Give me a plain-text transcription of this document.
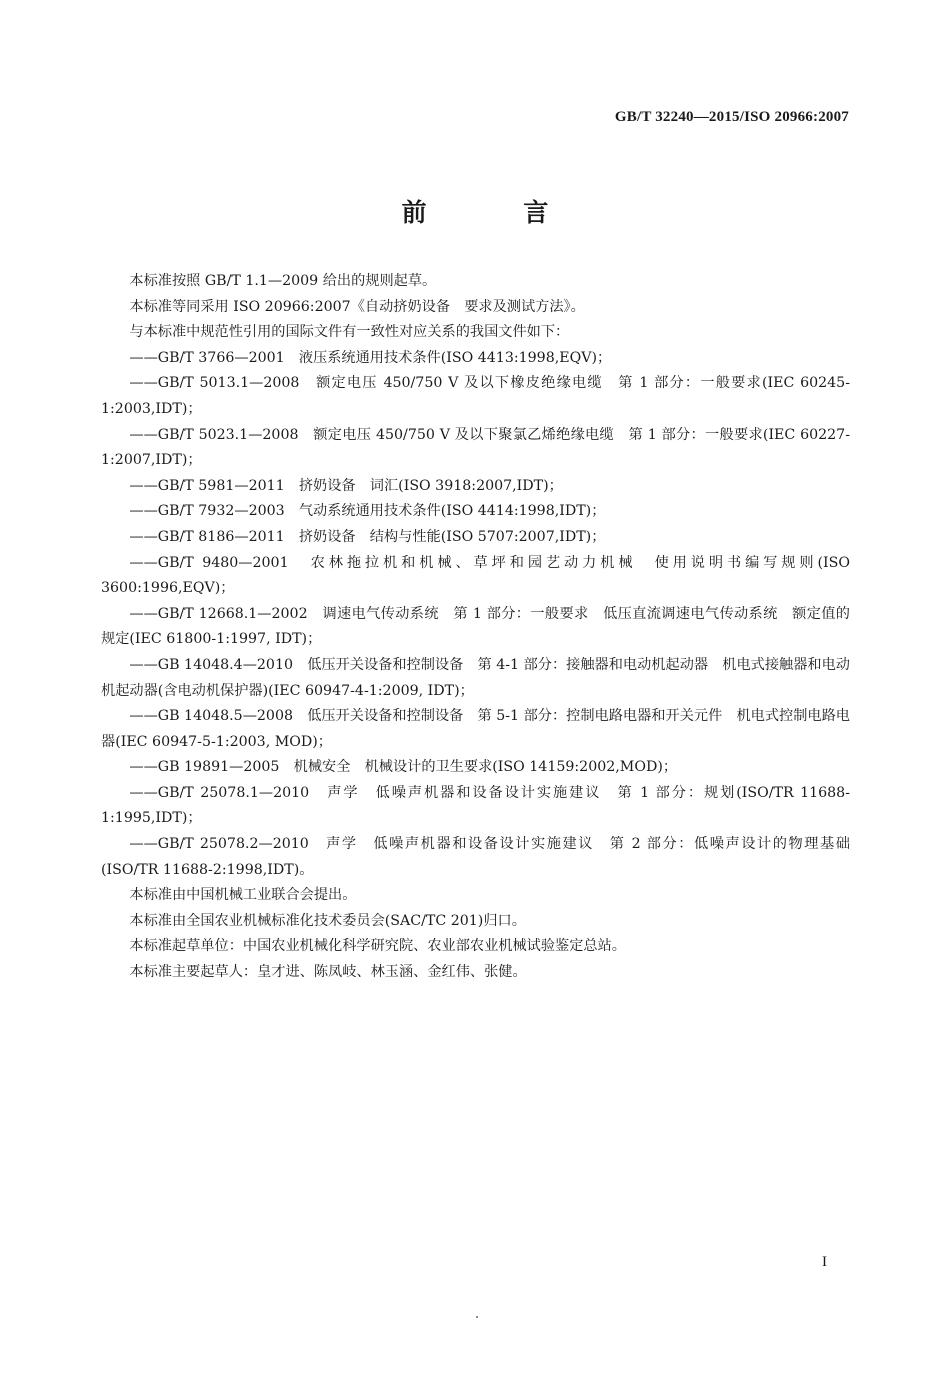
GB/T 32240—2015/ISO 20966:2007
前 言

本标准按照 GB/T 1.1—2009 给出的规则起草。

本标准等同采用 ISO 20966:2007《自动挤奶设备　要求及测试方法》。

与本标准中规范性引用的国际文件有一致性对应关系的我国文件如下：

——GB/T 3766—2001　液压系统通用技术条件(ISO 4413:1998,EQV)；

——GB/T 5013.1—2008　额定电压 450/750 V 及以下橡皮绝缘电缆　第 1 部分：一般要求(IEC 60245-1:2003,IDT)；

——GB/T 5023.1—2008　额定电压 450/750 V 及以下聚氯乙烯绝缘电缆　第 1 部分：一般要求(IEC 60227-1:2007,IDT)；

——GB/T 5981—2011　挤奶设备　词汇(ISO 3918:2007,IDT)；

——GB/T 7932—2003　气动系统通用技术条件(ISO 4414:1998,IDT)；

——GB/T 8186—2011　挤奶设备　结构与性能(ISO 5707:2007,IDT)；

——GB/T 9480—2001　农林拖拉机和机械、草坪和园艺动力机械　使用说明书编写规则(ISO 3600:1996,EQV)；

——GB/T 12668.1—2002　调速电气传动系统　第 1 部分：一般要求　低压直流调速电气传动系统　额定值的规定(IEC 61800-1:1997, IDT)；

——GB 14048.4—2010　低压开关设备和控制设备　第 4-1 部分：接触器和电动机起动器　机电式接触器和电动机起动器(含电动机保护器)(IEC 60947-4-1:2009, IDT)；

——GB 14048.5—2008　低压开关设备和控制设备　第 5-1 部分：控制电路电器和开关元件　机电式控制电路电器(IEC 60947-5-1:2003, MOD)；

——GB 19891—2005　机械安全　机械设计的卫生要求(ISO 14159:2002,MOD)；

——GB/T 25078.1—2010　声学　低噪声机器和设备设计实施建议　第 1 部分：规划(ISO/TR 11688-1:1995,IDT)；

——GB/T 25078.2—2010　声学　低噪声机器和设备设计实施建议　第 2 部分：低噪声设计的物理基础(ISO/TR 11688-2:1998,IDT)。

本标准由中国机械工业联合会提出。

本标准由全国农业机械标准化技术委员会(SAC/TC 201)归口。

本标准起草单位：中国农业机械化科学研究院、农业部农业机械试验鉴定总站。

本标准主要起草人：皇才进、陈凤岐、林玉涵、金红伟、张健。

I
